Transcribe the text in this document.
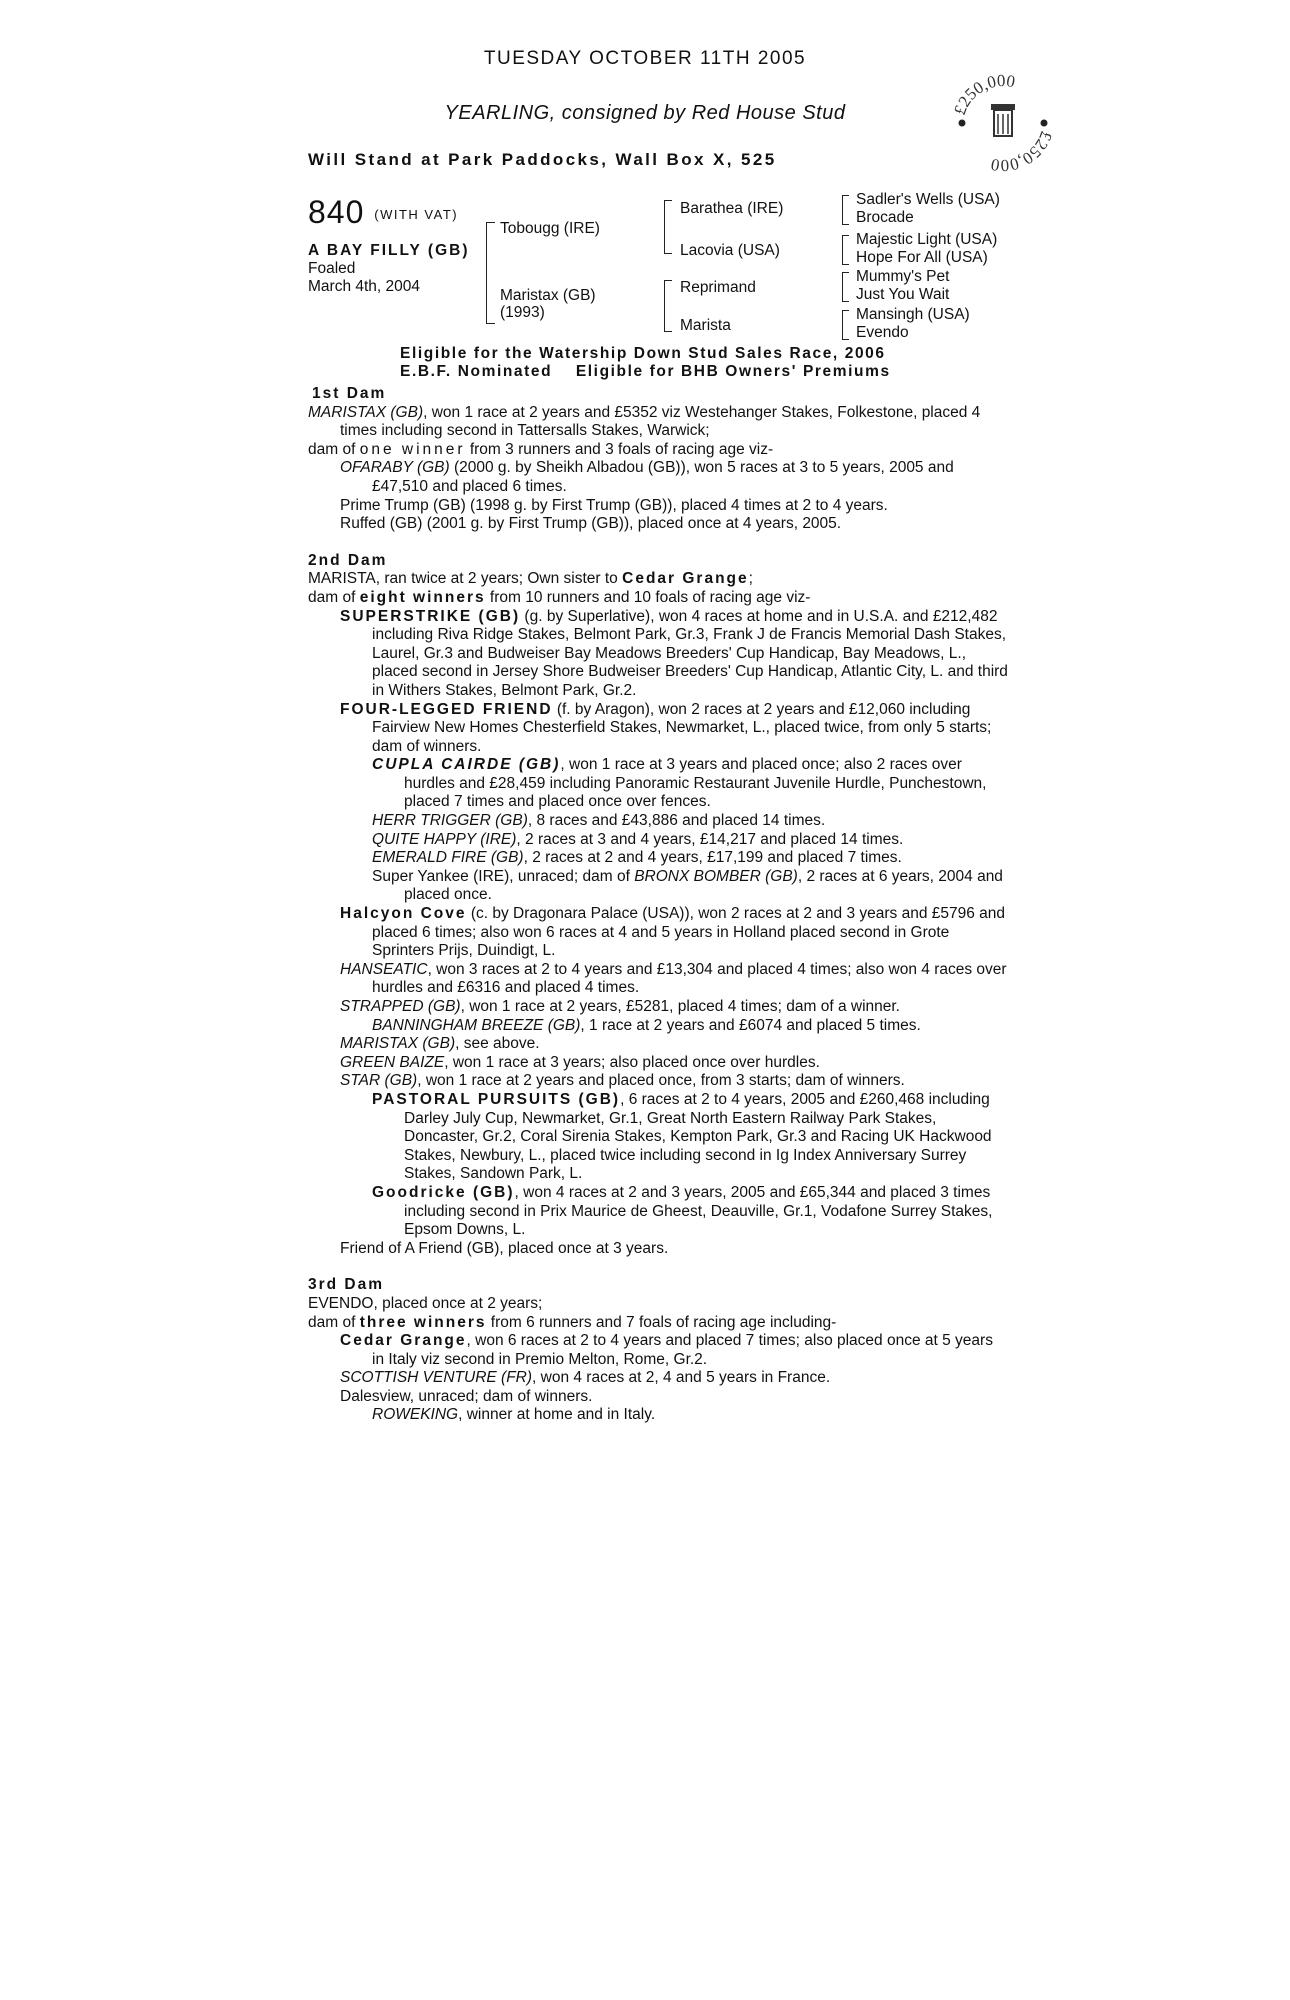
TUESDAY OCTOBER 11TH 2005
YEARLING, consigned by Red House Stud
Will Stand at Park Paddocks, Wall Box X, 525
£250,000
£250,000
840 (WITH VAT)
A BAY FILLY (GB)
Foaled
March 4th, 2004
Tobougg (IRE)
Maristax (GB)
(1993)
Barathea (IRE)
Lacovia (USA)
Reprimand
Marista
Sadler's Wells (USA)
Brocade
Majestic Light (USA)
Hope For All (USA)
Mummy's Pet
Just You Wait
Mansingh (USA)
Evendo
Eligible for the Watership Down Stud Sales Race, 2006
E.B.F. Nominated    Eligible for BHB Owners' Premiums

1st Dam

MARISTAX (GB), won 1 race at 2 years and £5352 viz Westehanger Stakes, Folkestone, placed 4 times including second in Tattersalls Stakes, Warwick;

dam of one winner from 3 runners and 3 foals of racing age viz-

OFARABY (GB) (2000 g. by Sheikh Albadou (GB)), won 5 races at 3 to 5 years, 2005 and £47,510 and placed 6 times.

Prime Trump (GB) (1998 g. by First Trump (GB)), placed 4 times at 2 to 4 years.

Ruffed (GB) (2001 g. by First Trump (GB)), placed once at 4 years, 2005.

2nd Dam

MARISTA, ran twice at 2 years; Own sister to Cedar Grange;

dam of eight winners from 10 runners and 10 foals of racing age viz-

SUPERSTRIKE (GB) (g. by Superlative), won 4 races at home and in U.S.A. and £212,482 including Riva Ridge Stakes, Belmont Park, Gr.3, Frank J de Francis Memorial Dash Stakes, Laurel, Gr.3 and Budweiser Bay Meadows Breeders' Cup Handicap, Bay Meadows, L., placed second in Jersey Shore Budweiser Breeders' Cup Handicap, Atlantic City, L. and third in Withers Stakes, Belmont Park, Gr.2.

FOUR-LEGGED FRIEND (f. by Aragon), won 2 races at 2 years and £12,060 including Fairview New Homes Chesterfield Stakes, Newmarket, L., placed twice, from only 5 starts; dam of winners.

CUPLA CAIRDE (GB), won 1 race at 3 years and placed once; also 2 races over hurdles and £28,459 including Panoramic Restaurant Juvenile Hurdle, Punchestown, placed 7 times and placed once over fences.

HERR TRIGGER (GB), 8 races and £43,886 and placed 14 times.

QUITE HAPPY (IRE), 2 races at 3 and 4 years, £14,217 and placed 14 times.

EMERALD FIRE (GB), 2 races at 2 and 4 years, £17,199 and placed 7 times.

Super Yankee (IRE), unraced; dam of BRONX BOMBER (GB), 2 races at 6 years, 2004 and placed once.

Halcyon Cove (c. by Dragonara Palace (USA)), won 2 races at 2 and 3 years and £5796 and placed 6 times; also won 6 races at 4 and 5 years in Holland placed second in Grote Sprinters Prijs, Duindigt, L.

HANSEATIC, won 3 races at 2 to 4 years and £13,304 and placed 4 times; also won 4 races over hurdles and £6316 and placed 4 times.

STRAPPED (GB), won 1 race at 2 years, £5281, placed 4 times; dam of a winner.

BANNINGHAM BREEZE (GB), 1 race at 2 years and £6074 and placed 5 times.

MARISTAX (GB), see above.

GREEN BAIZE, won 1 race at 3 years; also placed once over hurdles.

STAR (GB), won 1 race at 2 years and placed once, from 3 starts; dam of winners.

PASTORAL PURSUITS (GB), 6 races at 2 to 4 years, 2005 and £260,468 including Darley July Cup, Newmarket, Gr.1, Great North Eastern Railway Park Stakes, Doncaster, Gr.2, Coral Sirenia Stakes, Kempton Park, Gr.3 and Racing UK Hackwood Stakes, Newbury, L., placed twice including second in Ig Index Anniversary Surrey Stakes, Sandown Park, L.

Goodricke (GB), won 4 races at 2 and 3 years, 2005 and £65,344 and placed 3 times including second in Prix Maurice de Gheest, Deauville, Gr.1, Vodafone Surrey Stakes, Epsom Downs, L.

Friend of A Friend (GB), placed once at 3 years.

3rd Dam

EVENDO, placed once at 2 years;

dam of three winners from 6 runners and 7 foals of racing age including-

Cedar Grange, won 6 races at 2 to 4 years and placed 7 times; also placed once at 5 years in Italy viz second in Premio Melton, Rome, Gr.2.

SCOTTISH VENTURE (FR), won 4 races at 2, 4 and 5 years in France.

Dalesview, unraced; dam of winners.

ROWEKING, winner at home and in Italy.
